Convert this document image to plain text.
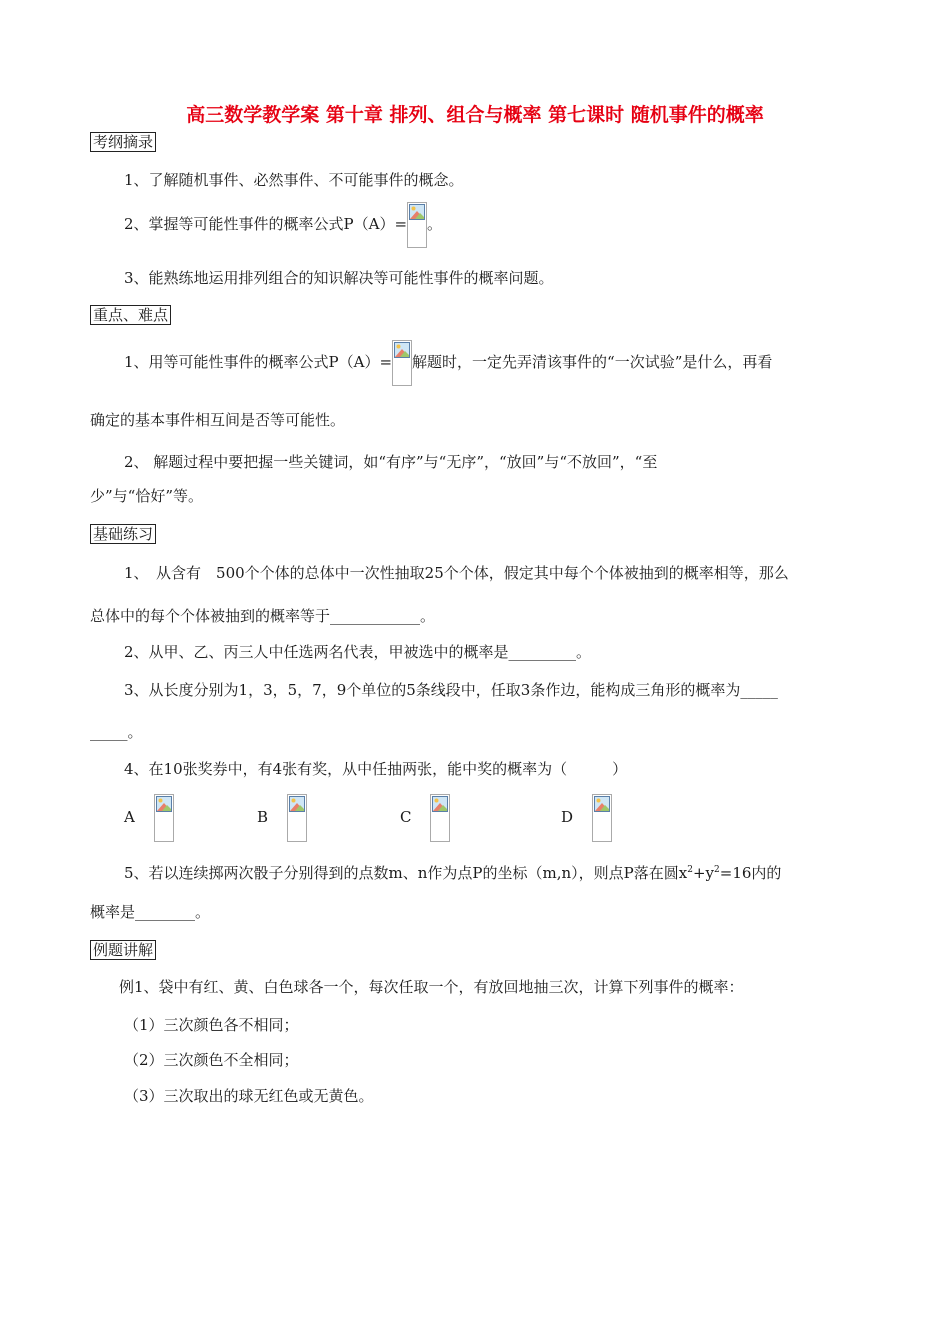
高三数学教学案 第十章 排列、组合与概率 第七课时 随机事件的概率
考纲摘录
1、了解随机事件、必然事件、不可能事件的概念。
2、掌握等可能性事件的概率公式P（A）= 。
3、能熟练地运用排列组合的知识解决等可能性事件的概率问题。
重点、难点
1、用等可能性事件的概率公式P（A）= 解题时，一定先弄清该事件的“一次试验”是什么，再看
确定的基本事件相互间是否等可能性。
2、 解题过程中要把握一些关键词，如“有序”与“无序”，“放回”与“不放回”，“至
少”与“恰好”等。
基础练习
1、　从含有　500个个体的总体中一次性抽取25个个体，假定其中每个个体被抽到的概率相等，那么
总体中的每个个体被抽到的概率等于____________。
2、从甲、乙、丙三人中任选两名代表，甲被选中的概率是_________。
3、从长度分别为1，3，5，7，9个单位的5条线段中，任取3条作边，能构成三角形的概率为_____
_____。
4、在10张奖券中，有4张有奖，从中任抽两张，能中奖的概率为（　　　）
A	B	C	D
5、若以连续掷两次骰子分别得到的点数m、n作为点P的坐标（m,n），则点P落在圆$x^2+y^2=16$内的
概率是________。
例题讲解
例1、袋中有红、黄、白色球各一个，每次任取一个，有放回地抽三次，计算下列事件的概率：
（1）三次颜色各不相同；
（2）三次颜色不全相同；
（3）三次取出的球无红色或无黄色。
